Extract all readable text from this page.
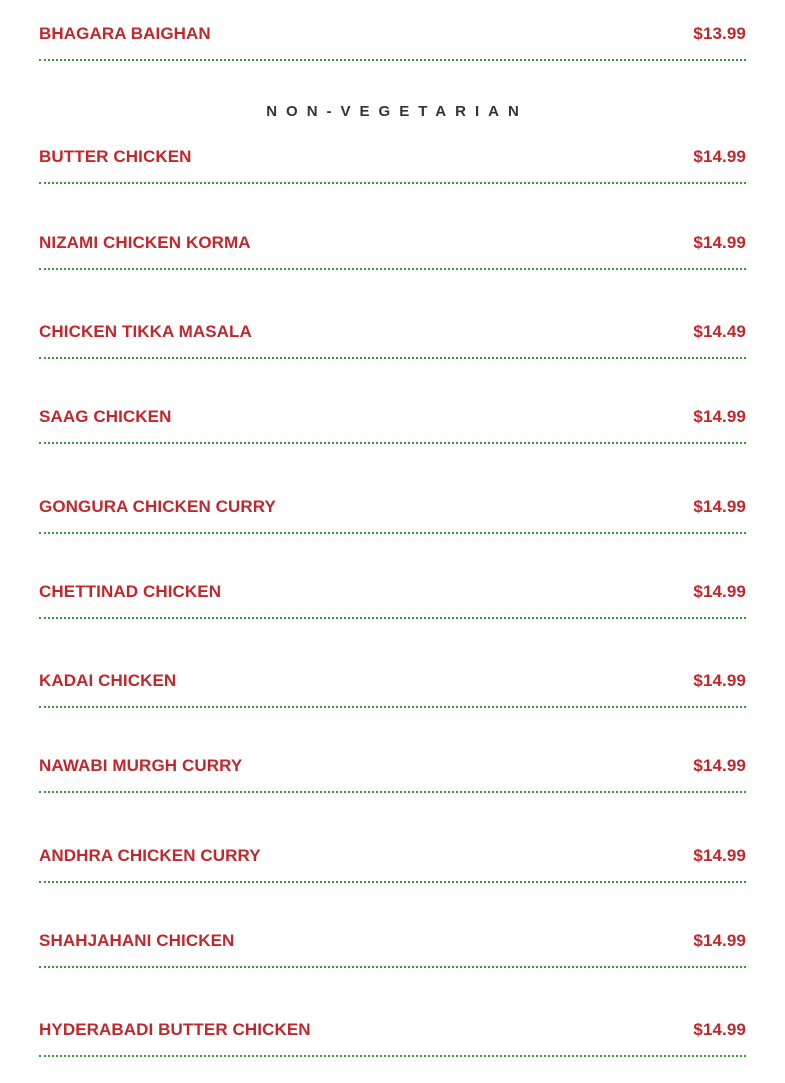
BHAGARA BAIGHAN	$13.99
NON-VEGETARIAN
BUTTER CHICKEN	$14.99
NIZAMI CHICKEN KORMA	$14.99
CHICKEN TIKKA MASALA	$14.49
SAAG CHICKEN	$14.99
GONGURA CHICKEN CURRY	$14.99
CHETTINAD CHICKEN	$14.99
KADAI CHICKEN	$14.99
NAWABI MURGH CURRY	$14.99
ANDHRA CHICKEN CURRY	$14.99
SHAHJAHANI CHICKEN	$14.99
HYDERABADI BUTTER CHICKEN	$14.99
